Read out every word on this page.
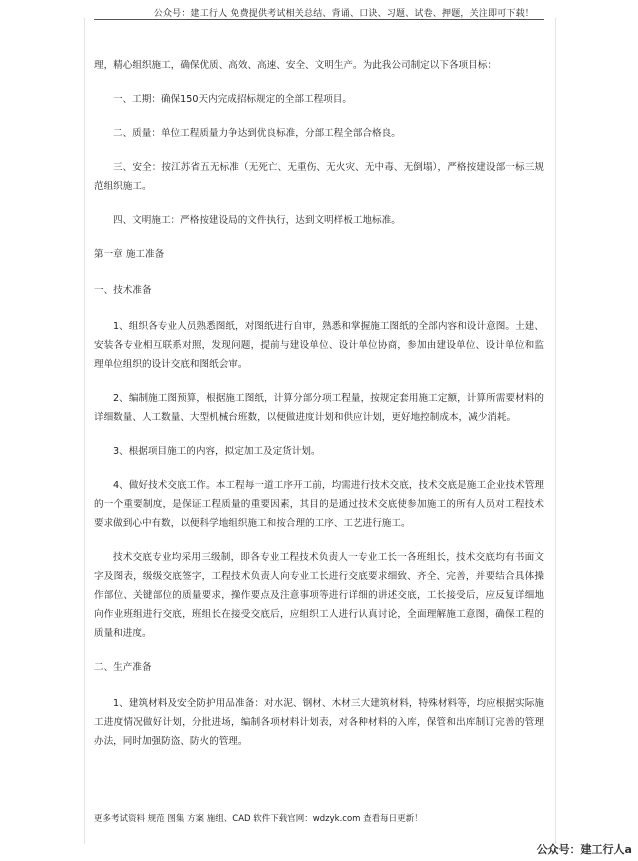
公众号：建工行人 免费提供考试相关总结、背诵、口诀、习题、试卷、押题，关注即可下载！

理，精心组织施工，确保优质、高效、高速、安全、文明生产。为此我公司制定以下各项目标：

一、工期：确保150天内完成招标规定的全部工程项目。

二、质量：单位工程质量力争达到优良标准，分部工程全部合格良。

三、安全：按江苏省五无标准（无死亡、无重伤、无火灾、无中毒、无倒塌），严格按建设部一标三规范组织施工。

四、文明施工：严格按建设局的文件执行，达到文明样板工地标准。

第一章 施工准备

一、技术准备

1、组织各专业人员熟悉图纸，对图纸进行自审，熟悉和掌握施工图纸的全部内容和设计意图。土建、安装各专业相互联系对照，发现问题，提前与建设单位、设计单位协商，参加由建设单位、设计单位和监理单位组织的设计交底和图纸会审。

2、编制施工图预算，根据施工图纸，计算分部分项工程量，按规定套用施工定额，计算所需要材料的详细数量、人工数量、大型机械台班数，以便做进度计划和供应计划，更好地控制成本，减少消耗。

3、根据项目施工的内容，拟定加工及定货计划。

4、做好技术交底工作。本工程每一道工序开工前，均需进行技术交底，技术交底是施工企业技术管理的一个重要制度，是保证工程质量的重要因素，其目的是通过技术交底使参加施工的所有人员对工程技术要求做到心中有数，以便科学地组织施工和按合理的工序、工艺进行施工。

技术交底专业均采用三级制，即各专业工程技术负责人一专业工长一各班组长，技术交底均有书面文字及图表，级级交底签字，工程技术负责人向专业工长进行交底要求细致、齐全、完善，并要结合具体操作部位、关键部位的质量要求，操作要点及注意事项等进行详细的讲述交底，工长接受后，应反复详细地向作业班组进行交底，班组长在接受交底后，应组织工人进行认真讨论，全面理解施工意图，确保工程的质量和进度。

二、生产准备

1、建筑材料及安全防护用品准备：对水泥、钢材、木材三大建筑材料，特殊材料等，均应根据实际施工进度情况做好计划，分批进场，编制各项材料计划表，对各种材料的入库，保管和出库制订完善的管理办法，同时加强防盗、防火的管理。

更多考试资料 规范 图集 方案 施组、CAD 软件下载官网：wdzyk.com 查看每日更新！
公众号：建工行人a
